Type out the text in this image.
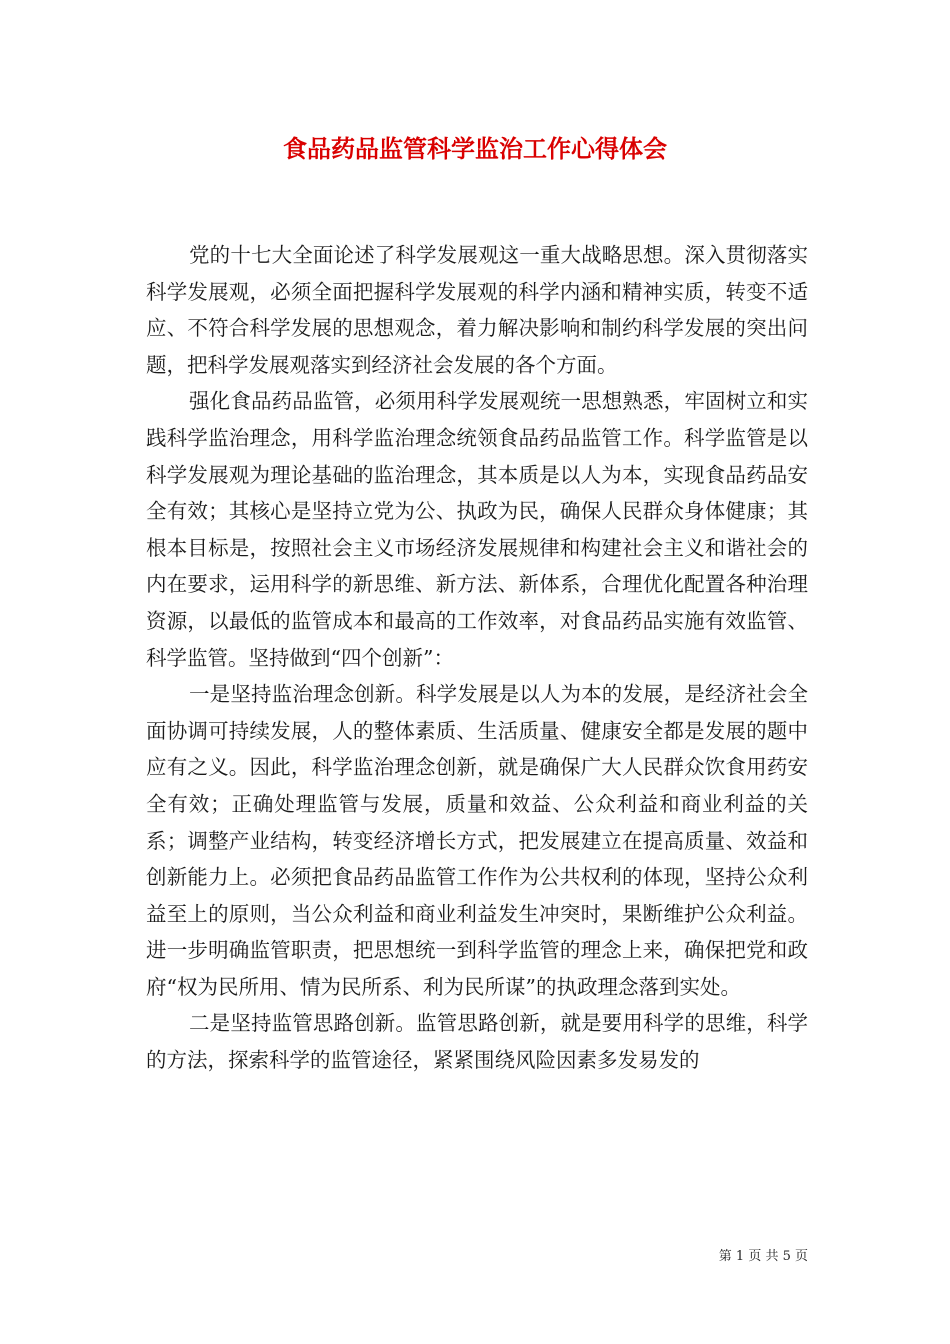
食品药品监管科学监治工作心得体会

党的十七大全面论述了科学发展观这一重大战略思想。深入贯彻落实科学发展观，必须全面把握科学发展观的科学内涵和精神实质，转变不适应、不符合科学发展的思想观念，着力解决影响和制约科学发展的突出问题，把科学发展观落实到经济社会发展的各个方面。

强化食品药品监管，必须用科学发展观统一思想熟悉，牢固树立和实践科学监治理念，用科学监治理念统领食品药品监管工作。科学监管是以科学发展观为理论基础的监治理念，其本质是以人为本，实现食品药品安全有效；其核心是坚持立党为公、执政为民，确保人民群众身体健康；其根本目标是，按照社会主义市场经济发展规律和构建社会主义和谐社会的内在要求，运用科学的新思维、新方法、新体系，合理优化配置各种治理资源，以最低的监管成本和最高的工作效率，对食品药品实施有效监管、科学监管。坚持做到“四个创新”：

一是坚持监治理念创新。科学发展是以人为本的发展，是经济社会全面协调可持续发展，人的整体素质、生活质量、健康安全都是发展的题中应有之义。因此，科学监治理念创新，就是确保广大人民群众饮食用药安全有效；正确处理监管与发展，质量和效益、公众利益和商业利益的关系；调整产业结构，转变经济增长方式，把发展建立在提高质量、效益和创新能力上。必须把食品药品监管工作作为公共权利的体现，坚持公众利益至上的原则，当公众利益和商业利益发生冲突时，果断维护公众利益。进一步明确监管职责，把思想统一到科学监管的理念上来，确保把党和政府“权为民所用、情为民所系、利为民所谋”的执政理念落到实处。

二是坚持监管思路创新。监管思路创新，就是要用科学的思维，科学的方法，探索科学的监管途径，紧紧围绕风险因素多发易发的

第 1 页 共 5 页
